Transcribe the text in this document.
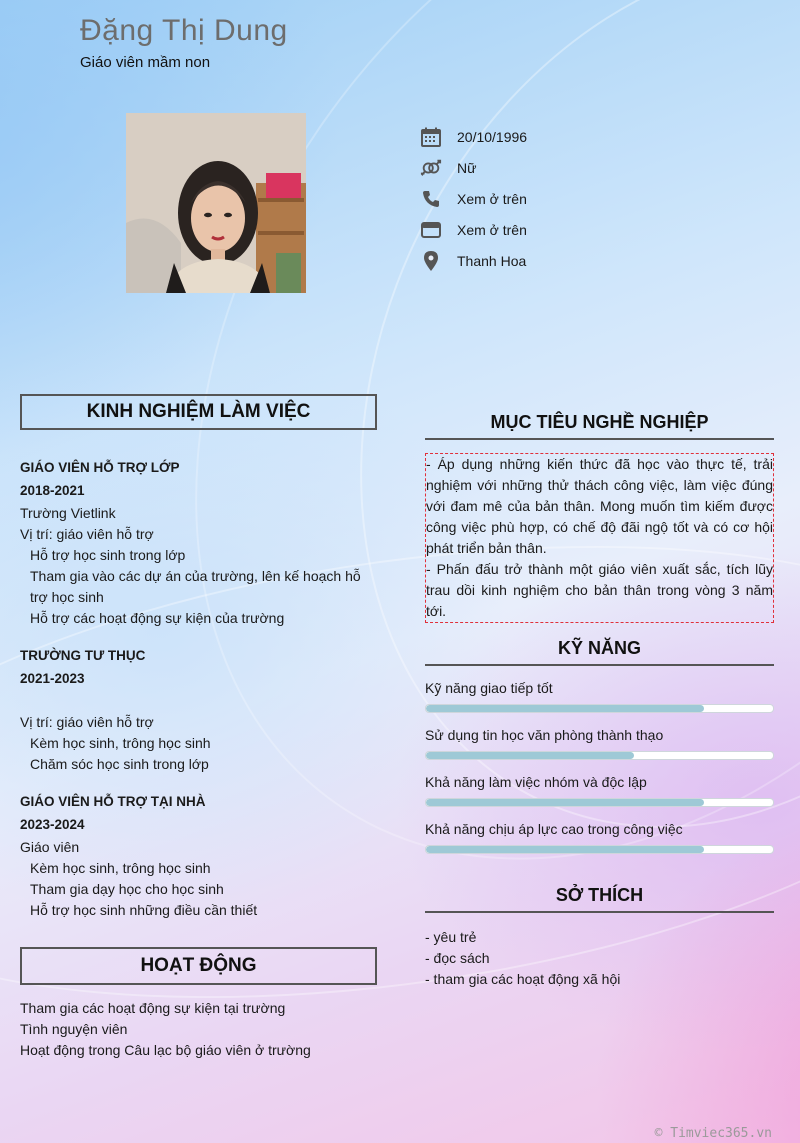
Đặng Thị Dung
Giáo viên mầm non
20/10/1996
Nữ
Xem ở trên
Xem ở trên
Thanh Hoa
KINH NGHIỆM LÀM VIỆC
GIÁO VIÊN HỖ TRỢ LỚP
2018-2021
Trường Vietlink
Vị trí: giáo viên hỗ trợ
Hỗ trợ học sinh trong lớp
Tham gia vào các dự án của trường, lên kế hoạch hỗ trợ học sinh
Hỗ trợ các hoạt động sự kiện của trường
TRƯỜNG TƯ THỤC
2021-2023
Vị trí: giáo viên hỗ trợ
Kèm học sinh, trông học sinh
Chăm sóc học sinh trong lớp
GIÁO VIÊN HỖ TRỢ TẠI NHÀ
2023-2024
Giáo viên
Kèm học sinh, trông học sinh
Tham gia dạy học cho học sinh
Hỗ trợ học sinh những điều cần thiết
HOẠT ĐỘNG
Tham gia các hoạt động sự kiện tại trường
Tình nguyện viên
Hoạt động trong Câu lạc bộ giáo viên ở trường
MỤC TIÊU NGHỀ NGHIỆP
- Áp dụng những kiến thức đã học vào thực tế, trải nghiệm với những thử thách công việc, làm việc đúng với đam mê của bản thân. Mong muốn tìm kiếm được công việc phù hợp, có chế độ đãi ngộ tốt và có cơ hội phát triển bản thân.
- Phấn đấu trở thành một giáo viên xuất sắc, tích lũy trau dồi kinh nghiệm cho bản thân trong vòng 3 năm tới.
KỸ NĂNG
Kỹ năng giao tiếp tốt
Sử dụng tin học văn phòng thành thạo
Khả năng làm việc nhóm và độc lập
Khả năng chịu áp lực cao trong công việc
SỞ THÍCH
- yêu trẻ
- đọc sách
- tham gia các hoạt động xã hội
© Timviec365.vn
